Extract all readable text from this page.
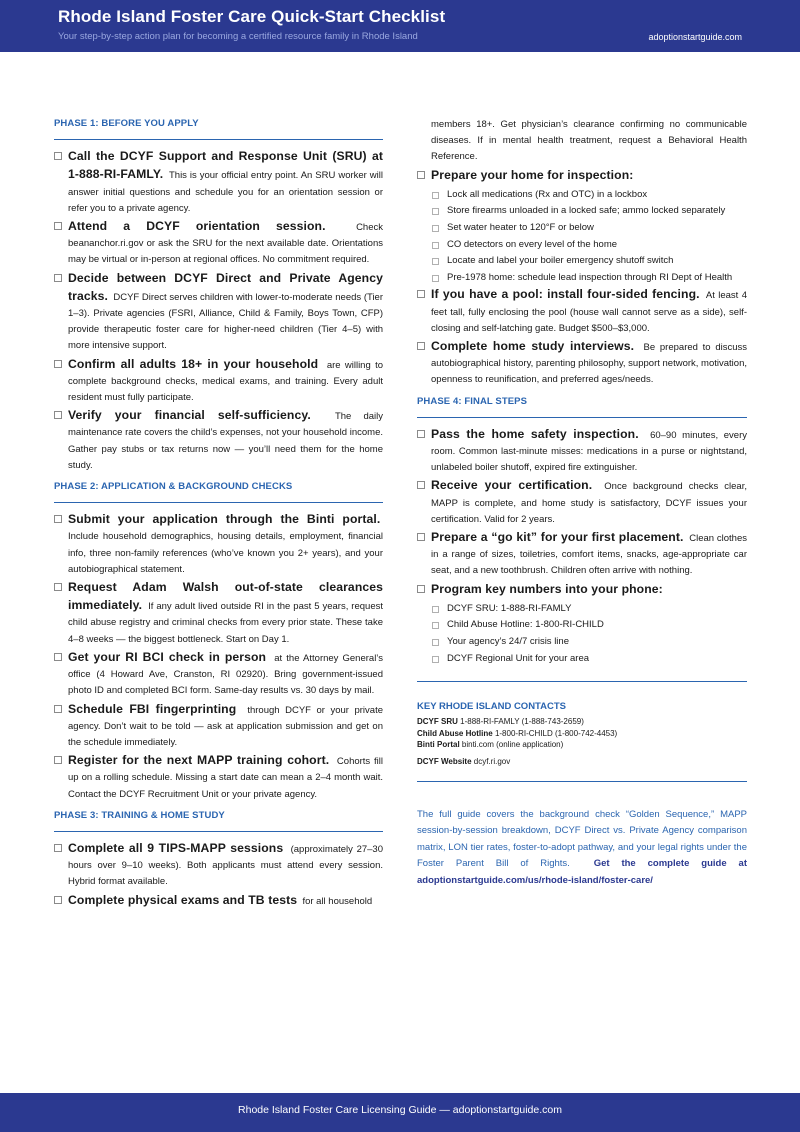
Rhode Island Foster Care Quick-Start Checklist
Your step-by-step action plan for becoming a certified resource family in Rhode Island	adoptionstartguide.com
PHASE 1: BEFORE YOU APPLY
Call the DCYF Support and Response Unit (SRU) at 1-888-RI-FAMLY. This is your official entry point. An SRU worker will answer initial questions and schedule you for an orientation session or refer you to a private agency.
Attend a DCYF orientation session.	Check beananchor.ri.gov or ask the SRU for the next available date. Orientations may be virtual or in-person at regional offices. No commitment required.
Decide between DCYF Direct and Private Agency tracks. DCYF Direct serves children with lower-to-moderate needs (Tier 1–3). Private agencies (FSRI, Alliance, Child & Family, Boys Town, CFP) provide therapeutic foster care for higher-need children (Tier 4–5) with more intensive support.
Confirm all adults 18+ in your household are willing to complete background checks, medical exams, and training. Every adult resident must fully participate.
Verify your financial self-sufficiency.	The daily maintenance rate covers the child’s expenses, not your household income. Gather pay stubs or tax returns now — you’ll need them for the home study.
PHASE 2: APPLICATION & BACKGROUND CHECKS
Submit your application through the Binti portal.  Include household demographics, housing details, employment, financial info, three non-family references (who’ve known you 2+ years), and your autobiographical statement.
Request Adam Walsh out-of-state clearances immediately. If any adult lived outside RI in the past 5 years, request child abuse registry and criminal checks from every prior state. These take 4–8 weeks — the biggest bottleneck. Start on Day 1.
Get your RI BCI check in person at the Attorney General’s office (4 Howard Ave, Cranston, RI 02920). Bring government-issued photo ID and completed BCI form. Same-day results vs. 30 days by mail.
Schedule FBI fingerprinting through DCYF or your private agency. Don’t wait to be told — ask at application submission and get on the schedule immediately.
Register for the next MAPP training cohort. Cohorts fill up on a rolling schedule. Missing a start date can mean a 2–4 month wait. Contact the DCYF Recruitment Unit or your private agency.
PHASE 3: TRAINING & HOME STUDY
Complete all 9 TIPS-MAPP sessions (approximately 27–30 hours over 9–10 weeks). Both applicants must attend every session. Hybrid format available.
Complete physical exams and TB tests for all household
members 18+. Get physician’s clearance confirming no communicable diseases. If in mental health treatment, request a Behavioral Health Reference.
Prepare your home for inspection:
Lock all medications (Rx and OTC) in a lockbox
Store firearms unloaded in a locked safe; ammo locked separately
Set water heater to 120°F or below
CO detectors on every level of the home
Locate and label your boiler emergency shutoff switch
Pre-1978 home: schedule lead inspection through RI Dept of Health
If you have a pool: install four-sided fencing. At least 4 feet tall, fully enclosing the pool (house wall cannot serve as a side), self-closing and self-latching gate. Budget $500–$3,000.
Complete home study interviews. Be prepared to discuss autobiographical history, parenting philosophy, support network, motivation, openness to reunification, and preferred ages/needs.
PHASE 4: FINAL STEPS
Pass the home safety inspection. 60–90 minutes, every room. Common last-minute misses: medications in a purse or nightstand, unlabeled boiler shutoff, expired fire extinguisher.
Receive your certification. Once background checks clear, MAPP is complete, and home study is satisfactory, DCYF issues your certification. Valid for 2 years.
Prepare a “go kit” for your first placement. Clean clothes in a range of sizes, toiletries, comfort items, snacks, age-appropriate car seat, and a new toothbrush. Children often arrive with nothing.
Program key numbers into your phone:
DCYF SRU: 1-888-RI-FAMLY
Child Abuse Hotline: 1-800-RI-CHILD
Your agency’s 24/7 crisis line
DCYF Regional Unit for your area
KEY RHODE ISLAND CONTACTS
DCYF SRU 1-888-RI-FAMLY (1-888-743-2659)
Child Abuse Hotline 1-800-RI-CHILD (1-800-742-4453)
Binti Portal binti.com (online application)
DCYF Website dcyf.ri.gov
The full guide covers the background check “Golden Sequence,” MAPP session-by-session breakdown, DCYF Direct vs. Private Agency comparison matrix, LON tier rates, foster-to-adopt pathway, and your legal rights under the Foster Parent Bill of Rights.	Get the complete guide at adoptionstartguide.com/us/rhode-island/foster-care/
Rhode Island Foster Care Licensing Guide — adoptionstartguide.com
